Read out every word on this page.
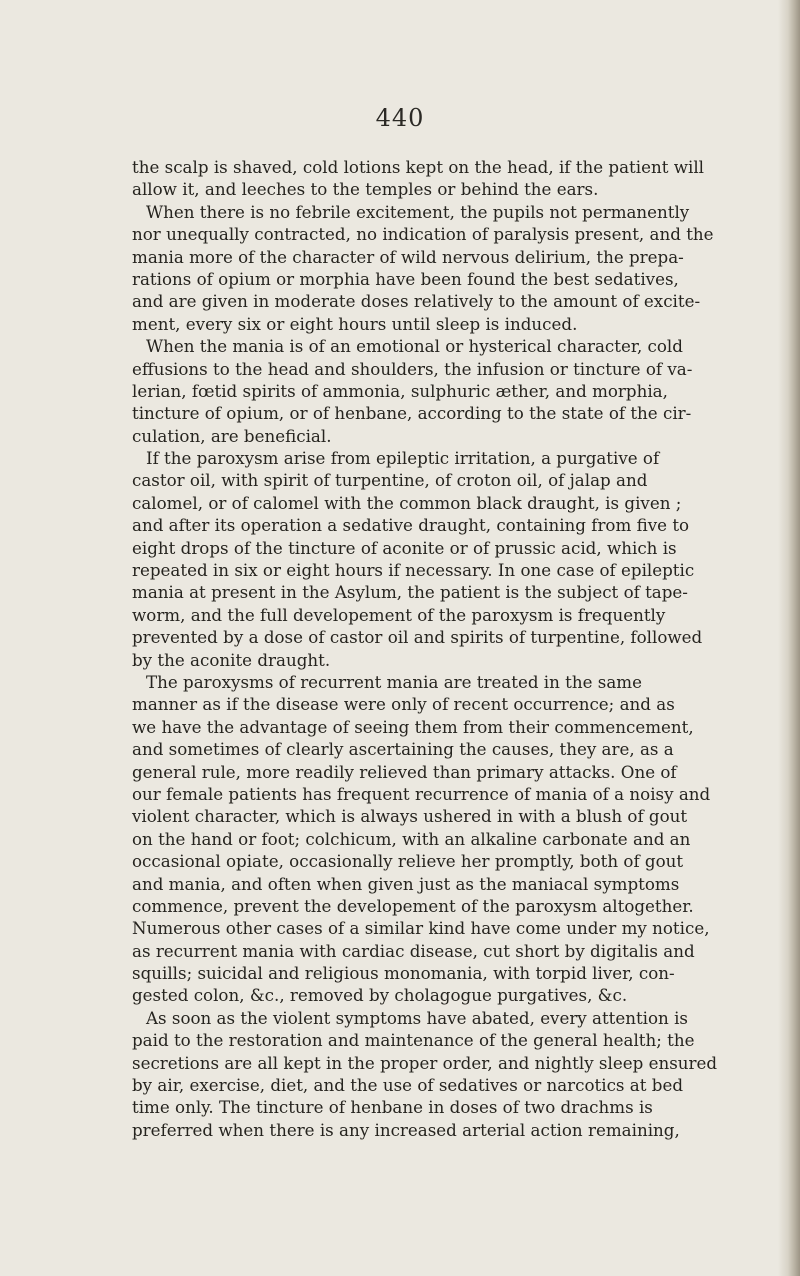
440
the scalp is shaved, cold lotions kept on the head, if the patient will
allow it, and leeches to the temples or behind the ears.
When there is no febrile excitement, the pupils not permanently
nor unequally contracted, no indication of paralysis present, and the
mania more of the character of wild nervous delirium, the prepa-
rations of opium or morphia have been found the best sedatives,
and are given in moderate doses relatively to the amount of excite-
ment, every six or eight hours until sleep is induced.
When the mania is of an emotional or hysterical character, cold
effusions to the head and shoulders, the infusion or tincture of va-
lerian, fœtid spirits of ammonia, sulphuric æther, and morphia,
tincture of opium, or of henbane, according to the state of the cir-
culation, are beneficial.
If the paroxysm arise from epileptic irritation, a purgative of
castor oil, with spirit of turpentine, of croton oil, of jalap and
calomel, or of calomel with the common black draught, is given ;
and after its operation a sedative draught, containing from five to
eight drops of the tincture of aconite or of prussic acid, which is
repeated in six or eight hours if necessary. In one case of epileptic
mania at present in the Asylum, the patient is the subject of tape-
worm, and the full developement of the paroxysm is frequently
prevented by a dose of castor oil and spirits of turpentine, followed
by the aconite draught.
The paroxysms of recurrent mania are treated in the same
manner as if the disease were only of recent occurrence; and as
we have the advantage of seeing them from their commencement,
and sometimes of clearly ascertaining the causes, they are, as a
general rule, more readily relieved than primary attacks. One of
our female patients has frequent recurrence of mania of a noisy and
violent character, which is always ushered in with a blush of gout
on the hand or foot; colchicum, with an alkaline carbonate and an
occasional opiate, occasionally relieve her promptly, both of gout
and mania, and often when given just as the maniacal symptoms
commence, prevent the developement of the paroxysm altogether.
Numerous other cases of a similar kind have come under my notice,
as recurrent mania with cardiac disease, cut short by digitalis and
squills; suicidal and religious monomania, with torpid liver, con-
gested colon, &c., removed by cholagogue purgatives, &c.
As soon as the violent symptoms have abated, every attention is
paid to the restoration and maintenance of the general health; the
secretions are all kept in the proper order, and nightly sleep ensured
by air, exercise, diet, and the use of sedatives or narcotics at bed
time only. The tincture of henbane in doses of two drachms is
preferred when there is any increased arterial action remaining,
